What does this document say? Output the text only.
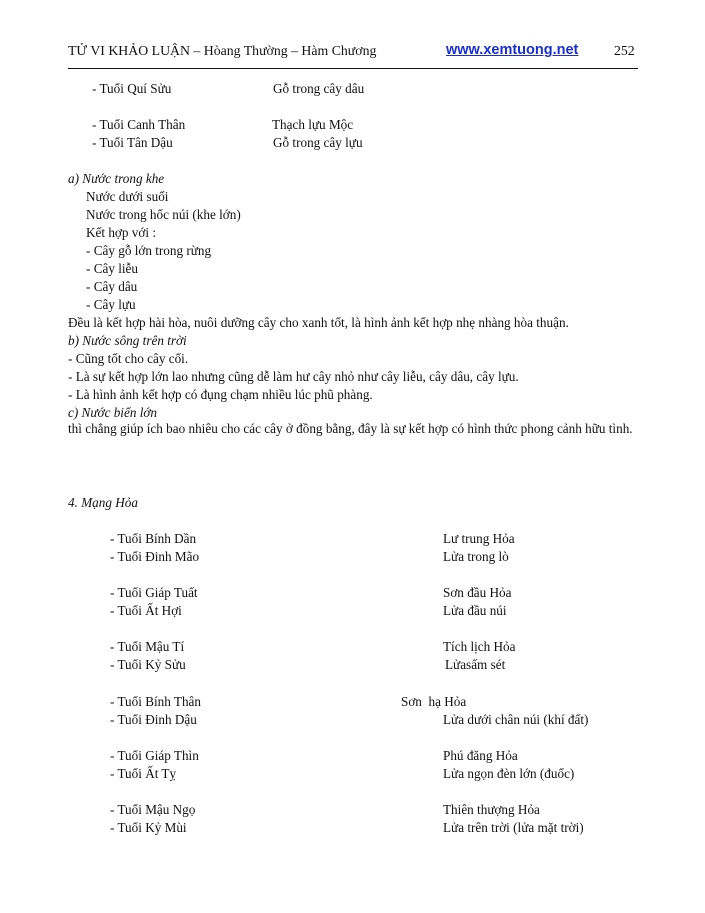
TỬ VI KHẢO LUẬN – Hòang Thường – Hàm Chương	www.xemtuong.net	252
- Tuổi Quí Sửu	Gỗ trong cây dâu
- Tuổi Canh Thân	Thạch lựu Mộc
- Tuổi Tân Dậu	Gỗ trong cây lựu
a) Nước trong khe
Nước dưới suối
Nước trong hốc núi (khe lớn)
Kết hợp với :
- Cây gỗ lớn trong rừng
- Cây liễu
- Cây dâu
- Cây lựu
Đều là kết hợp hài hòa, nuôi dưỡng cây cho xanh tốt, là hình ảnh kết hợp nhẹ nhàng hòa thuận.
b) Nước sông trên trời
- Cũng tốt cho cây cối.
- Là sự kết hợp lớn lao nhưng cũng dễ làm hư cây nhỏ như cây liễu, cây dâu, cây lựu.
- Là hình ảnh kết hợp có đụng chạm nhiều lúc phũ phàng.
c) Nước biển lớn
thì chẳng giúp ích bao nhiêu cho các cây ở đồng bằng, đây là sự kết hợp có hình thức phong cảnh hữu tình.
4. Mạng Hỏa
- Tuổi Bính Dần	Lư trung Hỏa
- Tuổi Đinh Mão	Lửa trong lò
- Tuổi Giáp Tuất	Sơn đầu Hỏa
- Tuổi Ất Hợi	Lửa đầu núi
- Tuổi Mậu Tí	Tích lịch Hỏa
- Tuổi Kỷ Sửu	Lửasấm sét
- Tuổi Bính Thân	Sơn  hạ Hỏa
- Tuổi Đinh Dậu	Lửa dưới chân núi (khí đất)
- Tuổi Giáp Thìn	Phú đăng Hỏa
- Tuổi Ất Tỵ	Lửa ngọn đèn lớn (đuốc)
- Tuổi Mậu Ngọ	Thiên thượng Hỏa
- Tuổi Kỷ Mùi	Lửa trên trời (lửa mặt trời)
